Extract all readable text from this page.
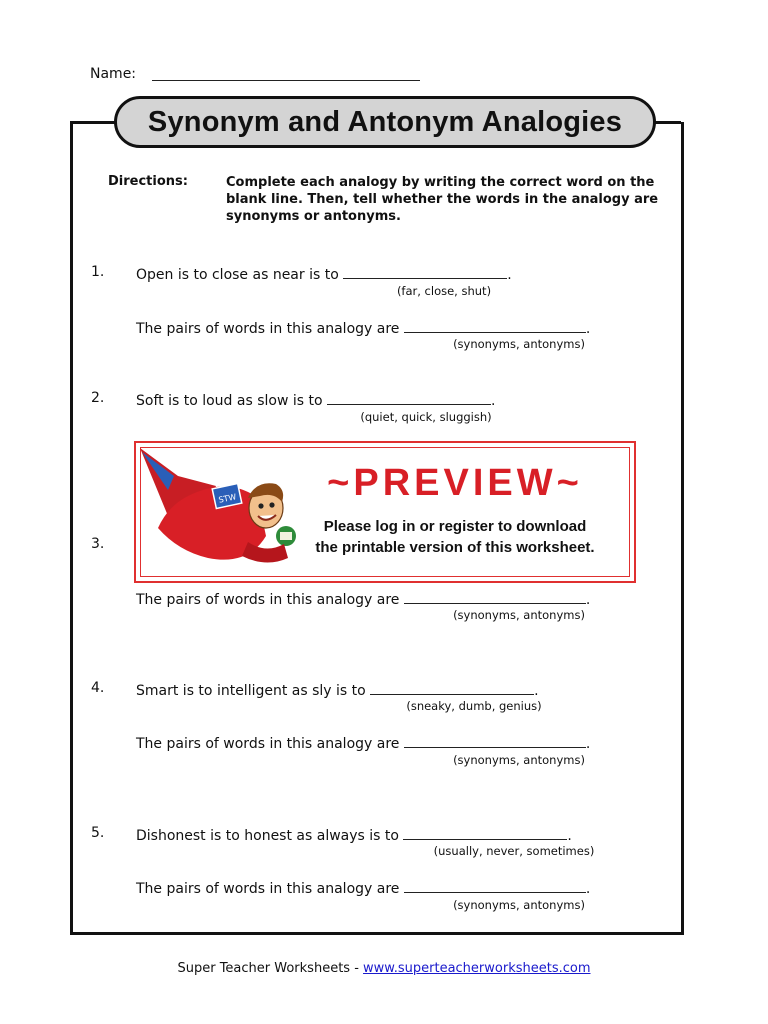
Name:
Synonym and Antonym Analogies
Directions:	Complete each analogy by writing the correct word on the blank line. Then, tell whether the words in the analogy are synonyms or antonyms.
1. Open is to close as near is to	.
(far, close, shut)
The pairs of words in this analogy are	.
(synonyms, antonyms)
2. Soft is to loud as slow is to	.
(quiet, quick, sluggish)
STW	~PREVIEW~
Please log in or register to download
the printable version of this worksheet.
3.
The pairs of words in this analogy are	.
(synonyms, antonyms)
4. Smart is to intelligent as sly is to	.
(sneaky, dumb, genius)
The pairs of words in this analogy are	.
(synonyms, antonyms)
5. Dishonest is to honest as always is to	.
(usually, never, sometimes)
The pairs of words in this analogy are	.
(synonyms, antonyms)
Super Teacher Worksheets - www.superteacherworksheets.com
